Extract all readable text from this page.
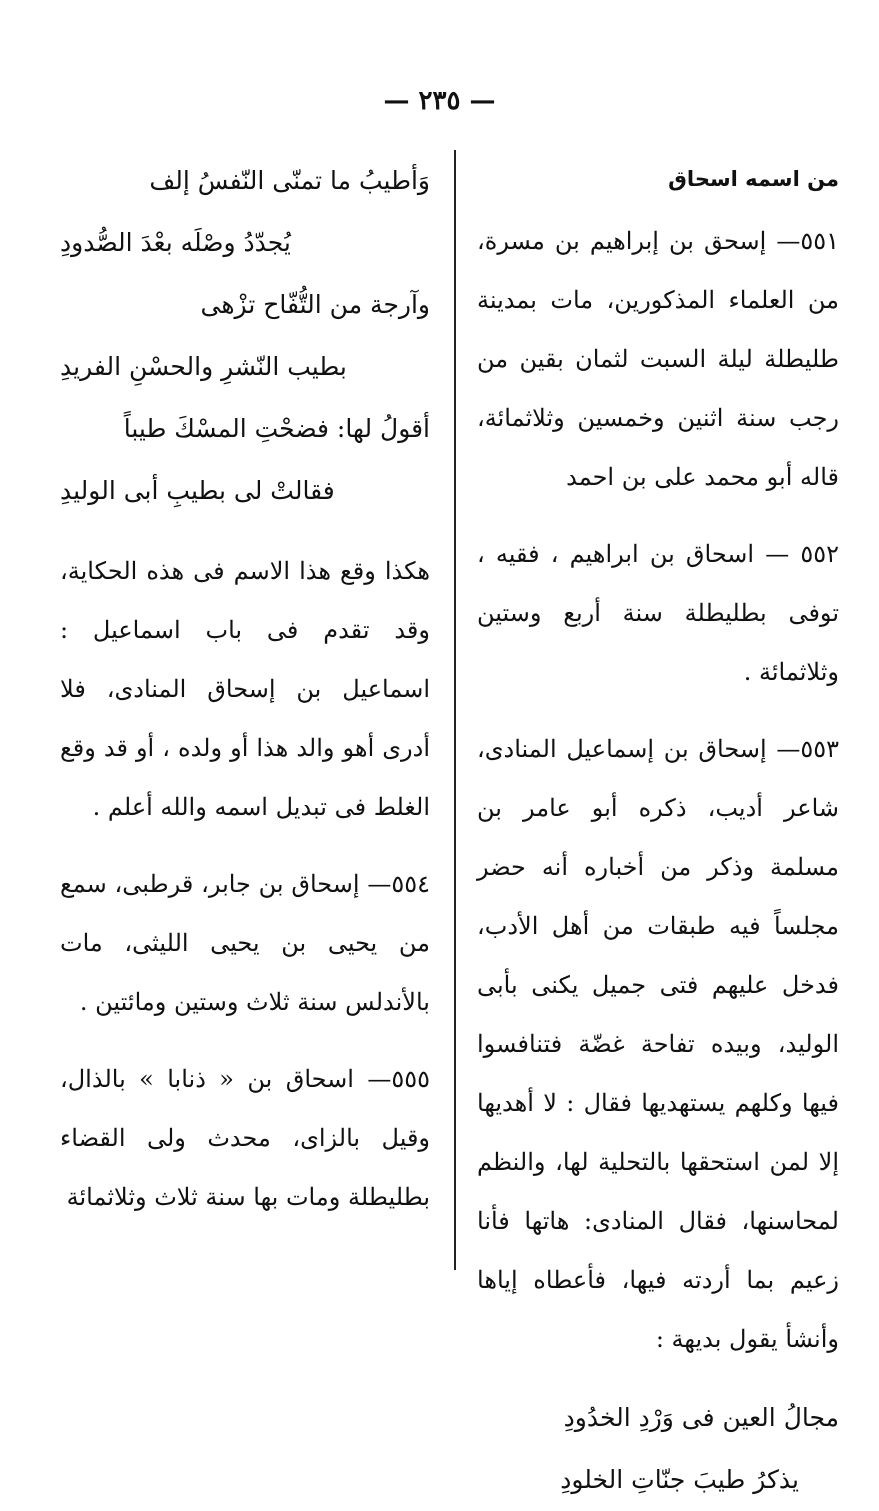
— ٢٣٥ —
من اسمه اسحاق

٥٥١— إسحق بن إبراهيم بن مسرة، من العلماء المذكورين، مات بمدينة طليطلة ليلة السبت لثمان بقين من رجب سنة اثنين وخمسين وثلاثمائة، قاله أبو محمد على بن احمد

٥٥٢ — اسحاق بن ابراهيم ، فقيه ، توفى بطليطلة سنة أربع وستين وثلاثمائة .

٥٥٣— إسحاق بن إسماعيل المنادى، شاعر أديب، ذكره أبو عامر بن مسلمة وذكر من أخباره أنه حضر مجلساً فيه طبقات من أهل الأدب، فدخل عليهم فتى جميل يكنى بأبى الوليد، وبيده تفاحة غضّة فتنافسوا فيها وكلهم يستهديها فقال : لا أهديها إلا لمن استحقها بالتحلية لها، والنظم لمحاسنها، فقال المنادى: هاتها فأنا زعيم بما أردته فيها، فأعطاه إياها وأنشأ يقول بديهة :

مجالُ العين فى وَرْدِ الخدُودِ

يذكرُ طيبَ جنّاتِ الخلودِ

وَأطيبُ ما تمنّى النّفسُ إلف

يُجدّدُ وصْلَه بعْدَ الصُّدودِ

وآرجة من التُّفّاح تزْهى

بطيب النّشرِ والحسْنِ الفريدِ

أقولُ لها: فضحْتِ المسْكَ طيباً

فقالتْ لى بطيبِ أبى الوليدِ

هكذا وقع هذا الاسم فى هذه الحكاية، وقد تقدم فى باب اسماعيل : اسماعيل بن إسحاق المنادى، فلا أدرى أهو والد هذا أو ولده ، أو قد وقع الغلط فى تبديل اسمه والله أعلم .

٥٥٤— إسحاق بن جابر، قرطبى، سمع من يحيى بن يحيى الليثى، مات بالأندلس سنة ثلاث وستين ومائتين .

٥٥٥— اسحاق بن « ذنابا » بالذال، وقيل بالزاى، محدث ولى القضاء بطليطلة ومات بها سنة ثلاث وثلاثمائة
